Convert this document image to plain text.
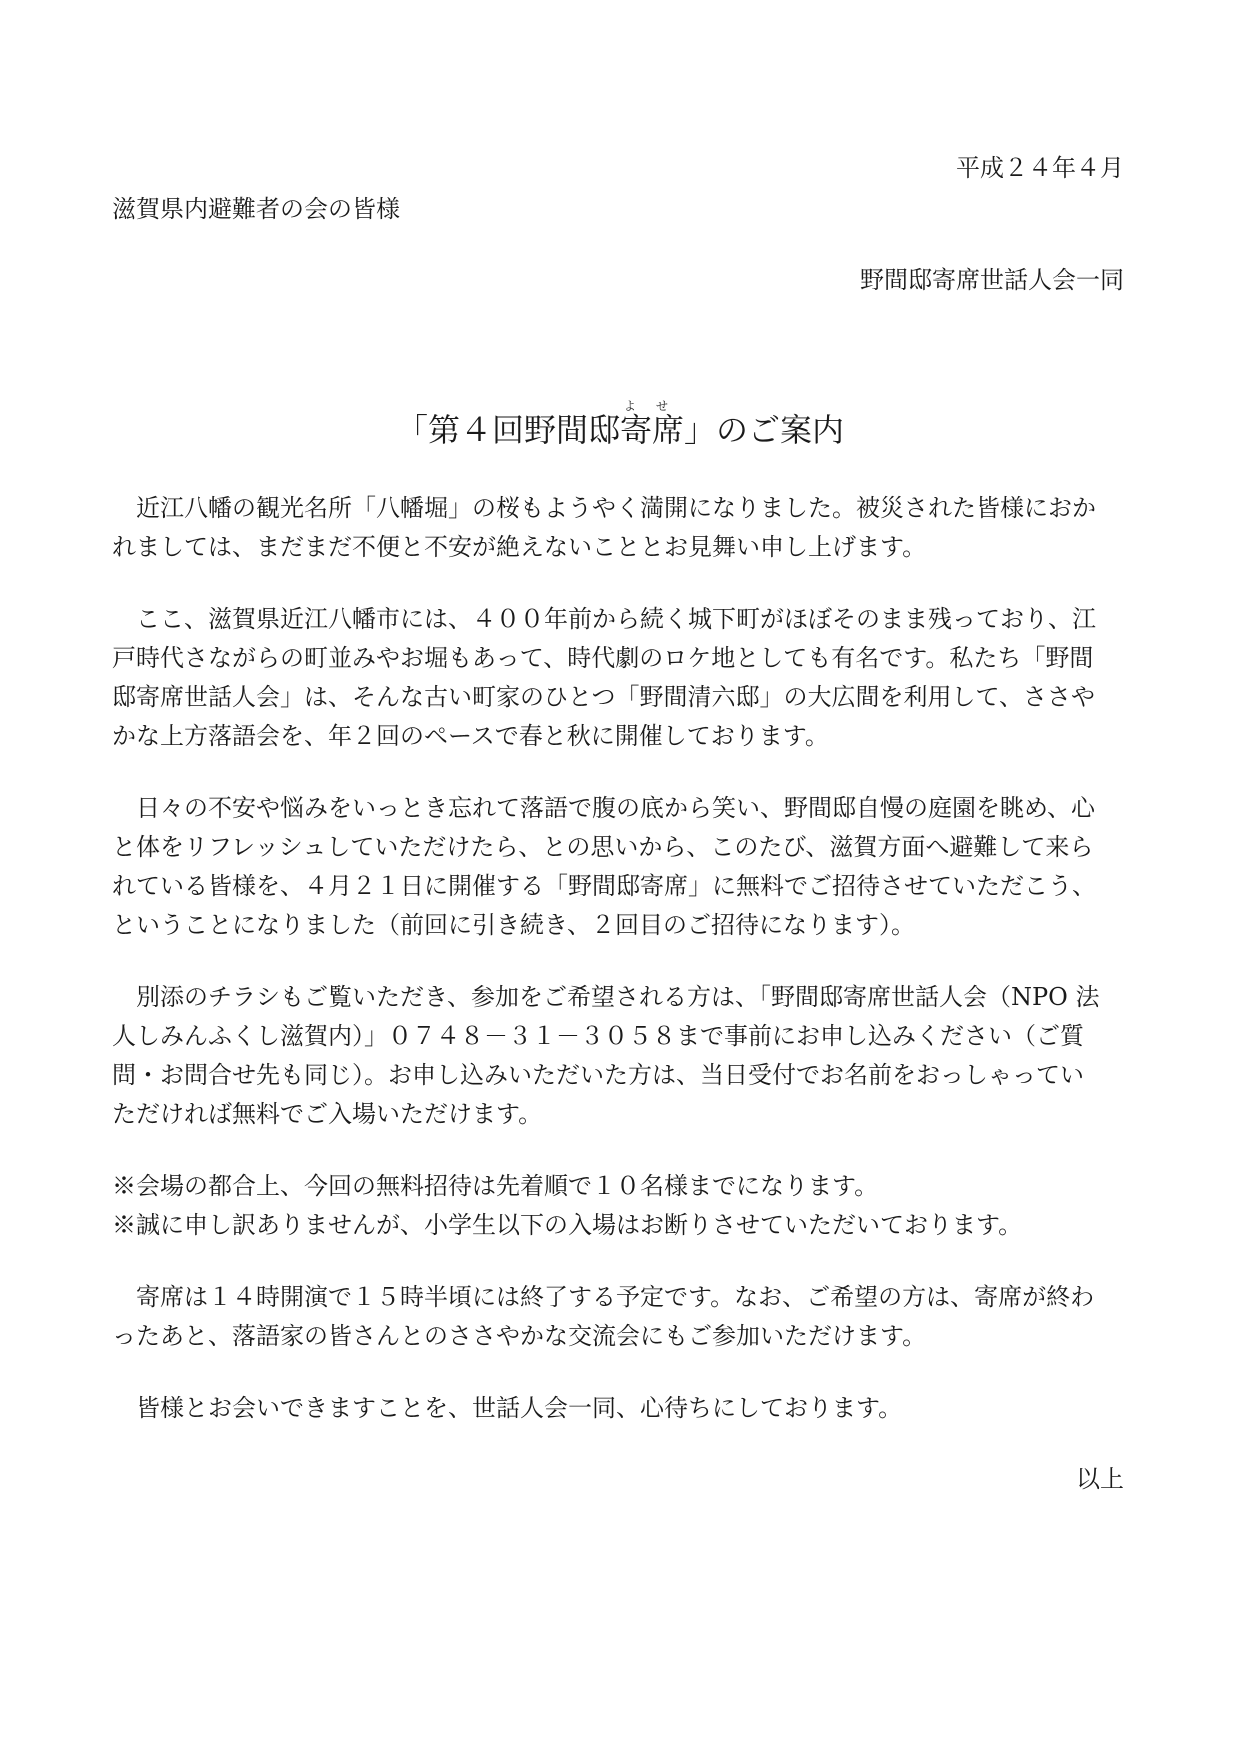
平成２４年４月
滋賀県内避難者の会の皆様
野間邸寄席世話人会一同
「第４回野間邸寄席よせ」のご案内
　近江八幡の観光名所「八幡堀」の桜もようやく満開になりました。被災された皆様におか
れましては、まだまだ不便と不安が絶えないこととお見舞い申し上げます。
　ここ、滋賀県近江八幡市には、４００年前から続く城下町がほぼそのまま残っており、江
戸時代さながらの町並みやお堀もあって、時代劇のロケ地としても有名です。私たち「野間
邸寄席世話人会」は、そんな古い町家のひとつ「野間清六邸」の大広間を利用して、ささや
かな上方落語会を、年２回のペースで春と秋に開催しております。
　日々の不安や悩みをいっとき忘れて落語で腹の底から笑い、野間邸自慢の庭園を眺め、心
と体をリフレッシュしていただけたら、との思いから、このたび、滋賀方面へ避難して来ら
れている皆様を、４月２１日に開催する「野間邸寄席」に無料でご招待させていただこう、
ということになりました（前回に引き続き、２回目のご招待になります）。
　別添のチラシもご覧いただき、参加をご希望される方は、「野間邸寄席世話人会（NPO 法
人しみんふくし滋賀内）」０７４８－３１－３０５８まで事前にお申し込みください（ご質
問・お問合せ先も同じ）。お申し込みいただいた方は、当日受付でお名前をおっしゃってい
ただければ無料でご入場いただけます。
※会場の都合上、今回の無料招待は先着順で１０名様までになります。
※誠に申し訳ありませんが、小学生以下の入場はお断りさせていただいております。
　寄席は１４時開演で１５時半頃には終了する予定です。なお、ご希望の方は、寄席が終わ
ったあと、落語家の皆さんとのささやかな交流会にもご参加いただけます。
　皆様とお会いできますことを、世話人会一同、心待ちにしております。
以上
